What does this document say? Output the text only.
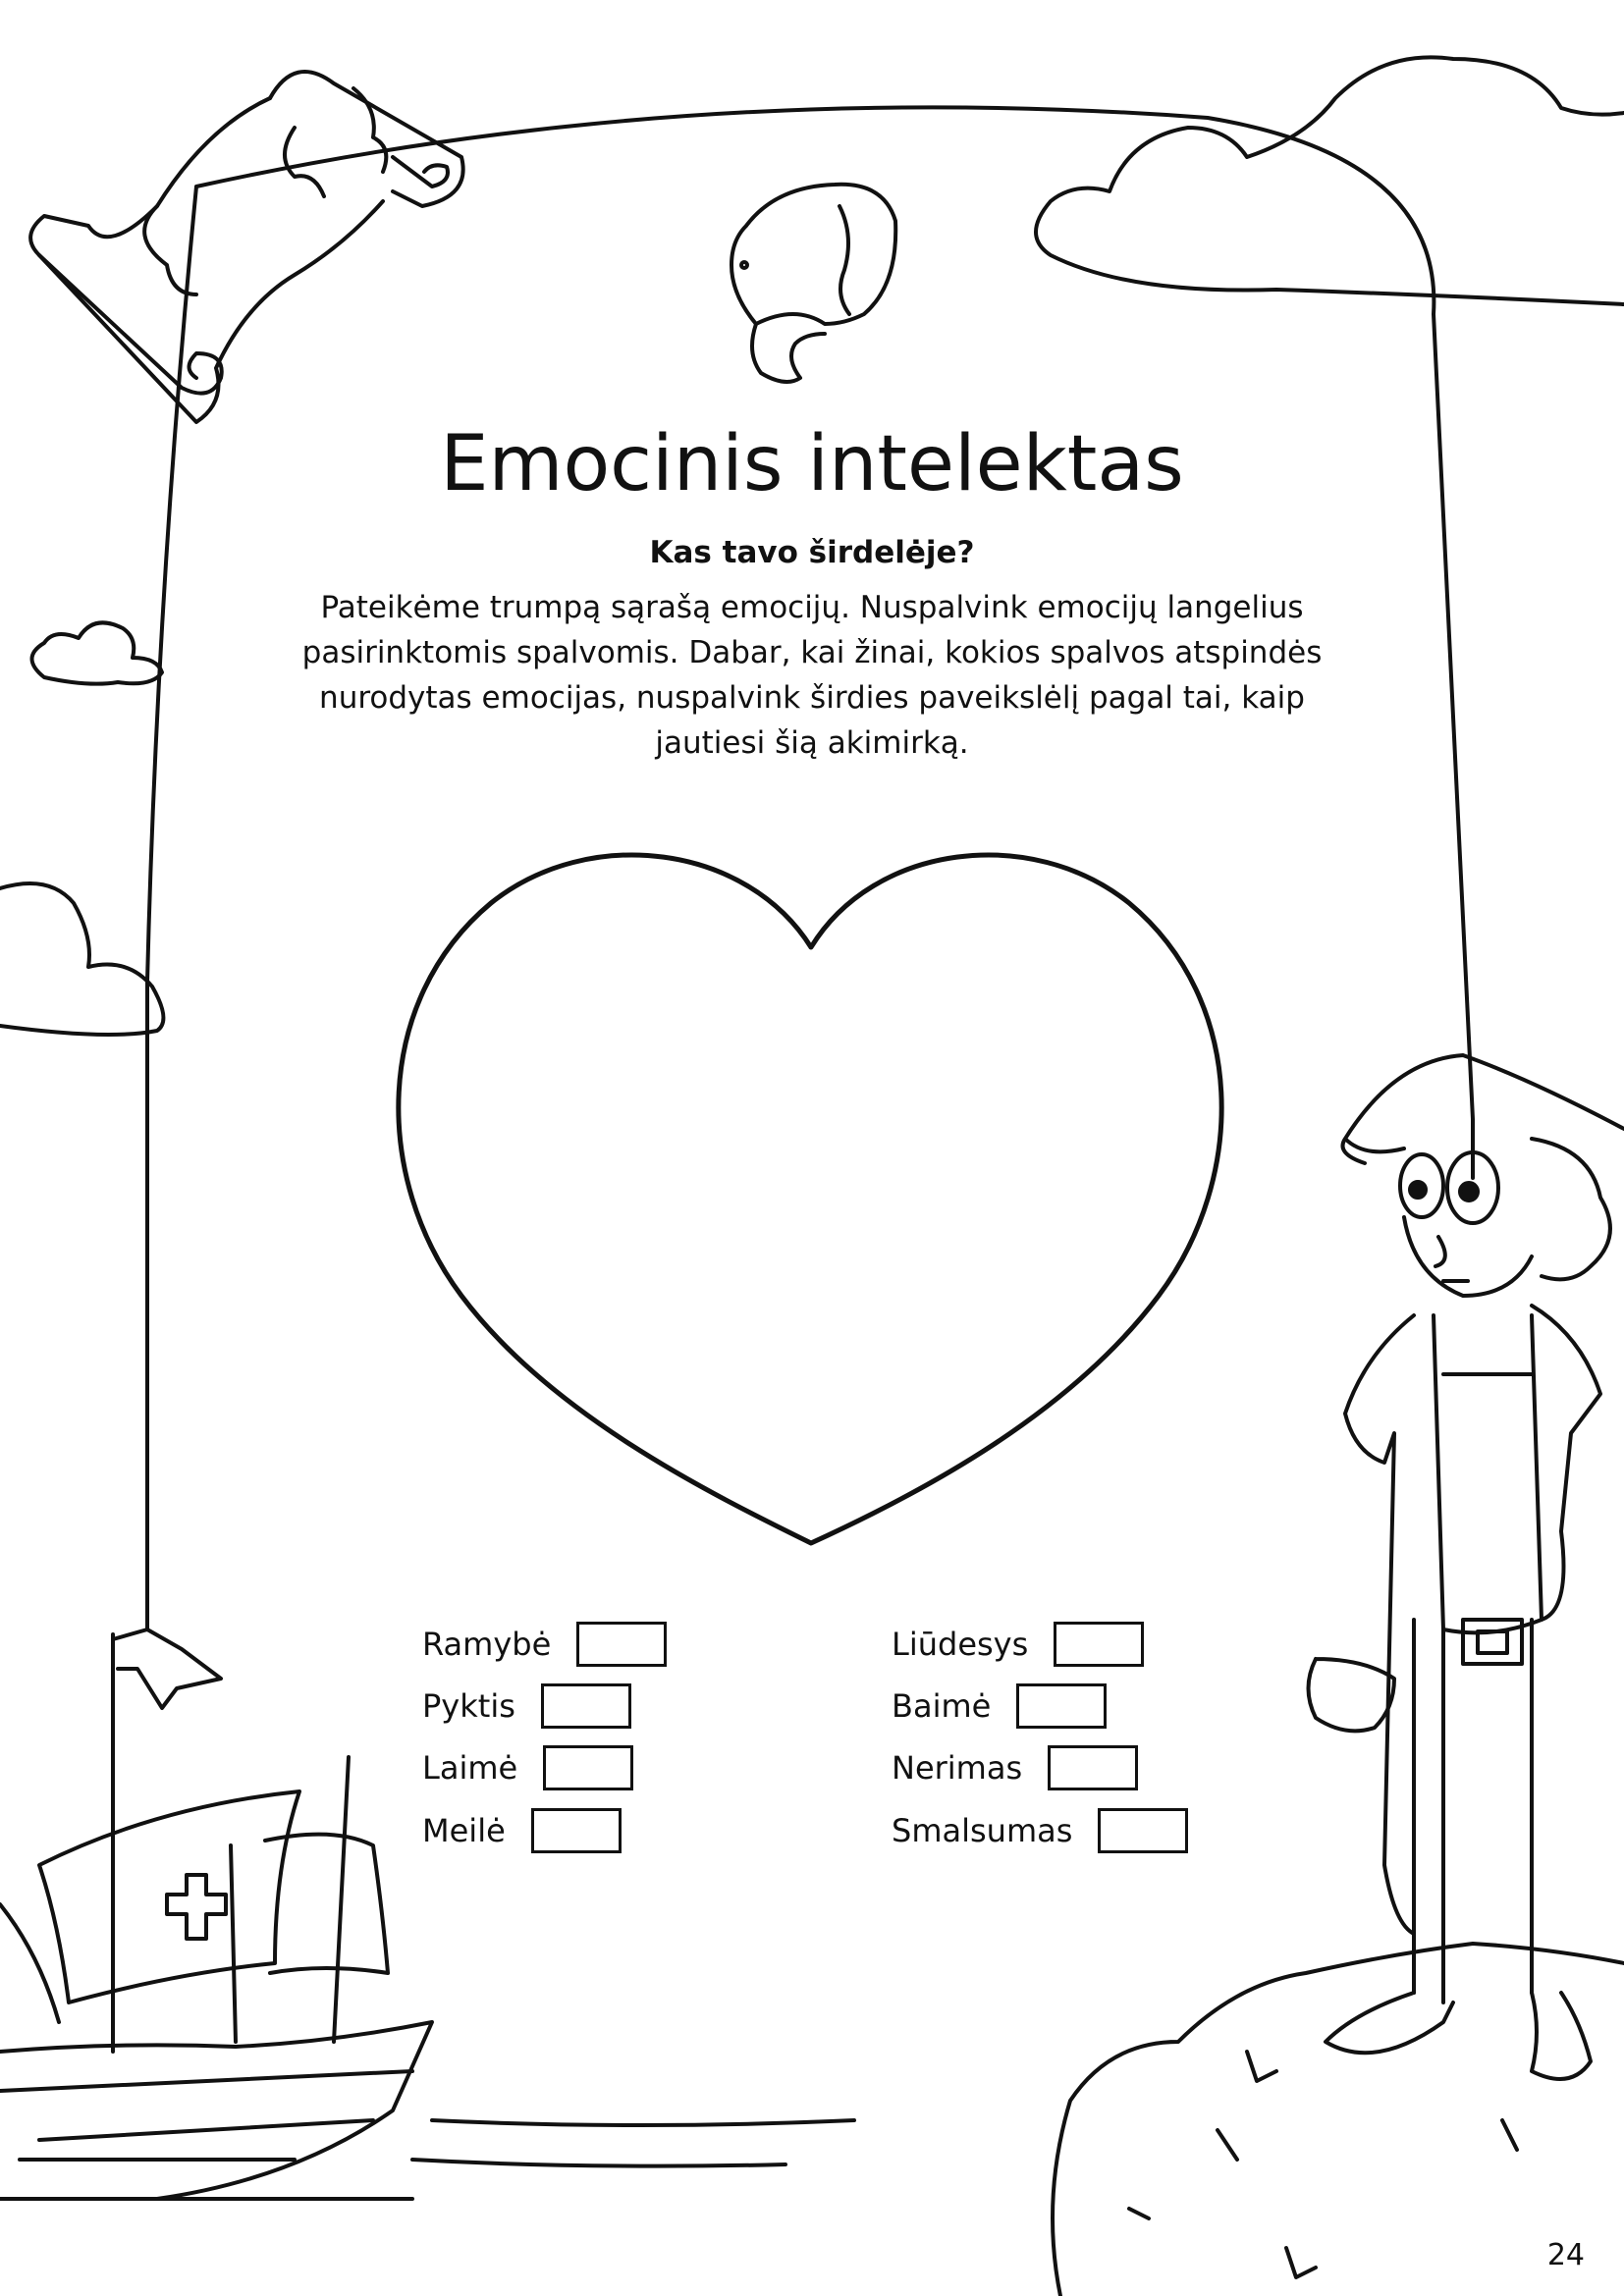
Emocinis intelektas
Kas tavo širdelėje?
Pateikėme trumpą sąrašą emocijų. Nuspalvink emocijų langelius pasirinktomis spalvomis. Dabar, kai žinai, kokios spalvos atspindės nurodytas emocijas, nuspalvink širdies paveikslėlį pagal tai, kaip jautiesi šią akimirką.
Ramybė
Pyktis
Laimė
Meilė
Liūdesys
Baimė
Nerimas
Smalsumas
24
